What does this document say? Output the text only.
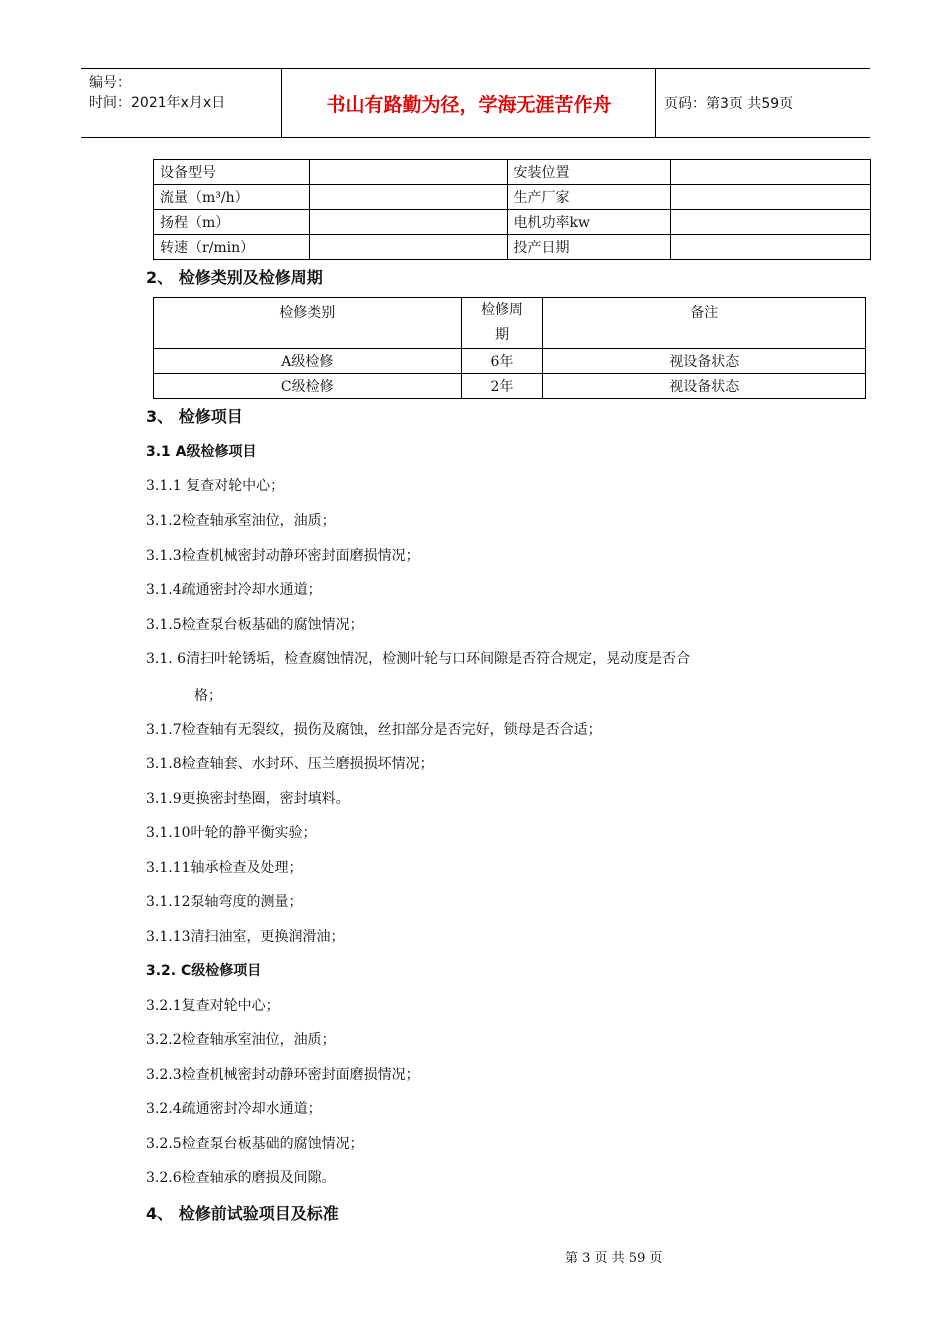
编号：
时间：2021年x月x日	书山有路勤为径，学海无涯苦作舟	页码：第3页 共59页
设备型号		安装位置	
流量（m³/h）		生产厂家	
扬程（m）		电机功率kw	
转速（r/min）		投产日期	
2、 检修类别及检修周期
检修类别	检修周期	备注
A级检修	6年	视设备状态
C级检修	2年	视设备状态
3、 检修项目
3.1 A级检修项目
3.1.1 复查对轮中心；
3.1.2检查轴承室油位，油质；
3.1.3检查机械密封动静环密封面磨损情况；
3.1.4疏通密封冷却水通道；
3.1.5检查泵台板基础的腐蚀情况；
3.1. 6清扫叶轮锈垢，检查腐蚀情况，检测叶轮与口环间隙是否符合规定，晃动度是否合
格；
3.1.7检查轴有无裂纹，损伤及腐蚀，丝扣部分是否完好，锁母是否合适；
3.1.8检查轴套、水封环、压兰磨损损坏情况；
3.1.9更换密封垫圈，密封填料。
3.1.10叶轮的静平衡实验；
3.1.11轴承检查及处理；
3.1.12泵轴弯度的测量；
3.1.13清扫油室，更换润滑油；
3.2. C级检修项目
3.2.1复查对轮中心；
3.2.2检查轴承室油位，油质；
3.2.3检查机械密封动静环密封面磨损情况；
3.2.4疏通密封冷却水通道；
3.2.5检查泵台板基础的腐蚀情况；
3.2.6检查轴承的磨损及间隙。
4、 检修前试验项目及标准
第 3 页 共 59 页
